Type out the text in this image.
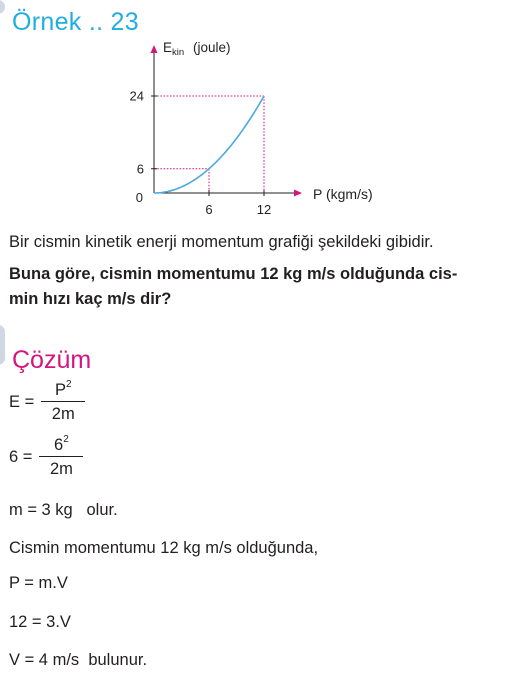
Örnek .. 23
$E_{kin}$ (joule)
P (kgm/s)
0
6	12
6
24
Bir cismin kinetik enerji momentum grafiği şekildeki gibidir.
Buna göre, cismin momentumu 12 kg m/s olduğunda cis-
min hızı kaç m/s dir?
Çözüm
$E = \frac{P^2}{2m}$
$6 = \frac{6^2}{2m}$
m = 3 kg   olur.
Cismin momentumu 12 kg m/s olduğunda,
P = m.V
12 = 3.V
V = 4 m/s  bulunur.
